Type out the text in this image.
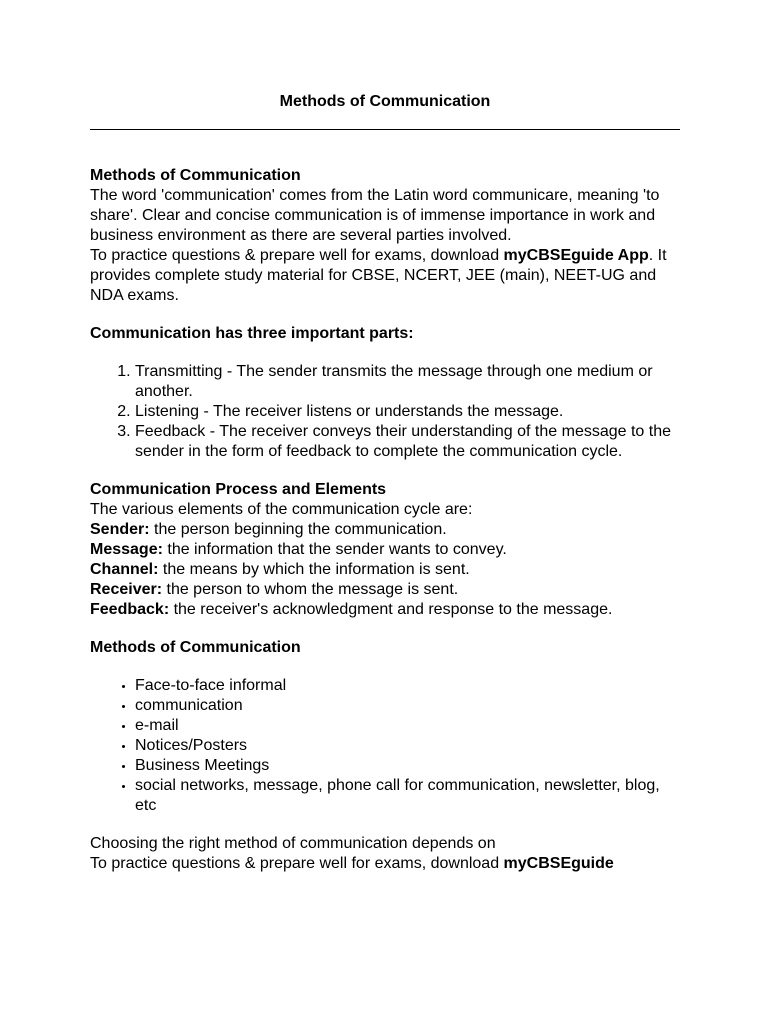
Methods of Communication

Methods of Communication

The word 'communication' comes from the Latin word communicare, meaning 'to share'. Clear and concise communication is of immense importance in work and business environment as there are several parties involved.

To practice questions & prepare well for exams, download myCBSEguide App. It provides complete study material for CBSE, NCERT, JEE (main), NEET-UG and NDA exams.

Communication has three important parts:

1. Transmitting - The sender transmits the message through one medium or another.
2. Listening - The receiver listens or understands the message.
3. Feedback - The receiver conveys their understanding of the message to the sender in the form of feedback to complete the communication cycle.

Communication Process and Elements

The various elements of the communication cycle are:

Sender: the person beginning the communication.

Message: the information that the sender wants to convey.

Channel: the means by which the information is sent.

Receiver: the person to whom the message is sent.

Feedback: the receiver's acknowledgment and response to the message.

Methods of Communication

• Face-to-face informal
• communication
• e-mail
• Notices/Posters
• Business Meetings
• social networks, message, phone call for communication, newsletter, blog, etc

Choosing the right method of communication depends on

To practice questions & prepare well for exams, download myCBSEguide
